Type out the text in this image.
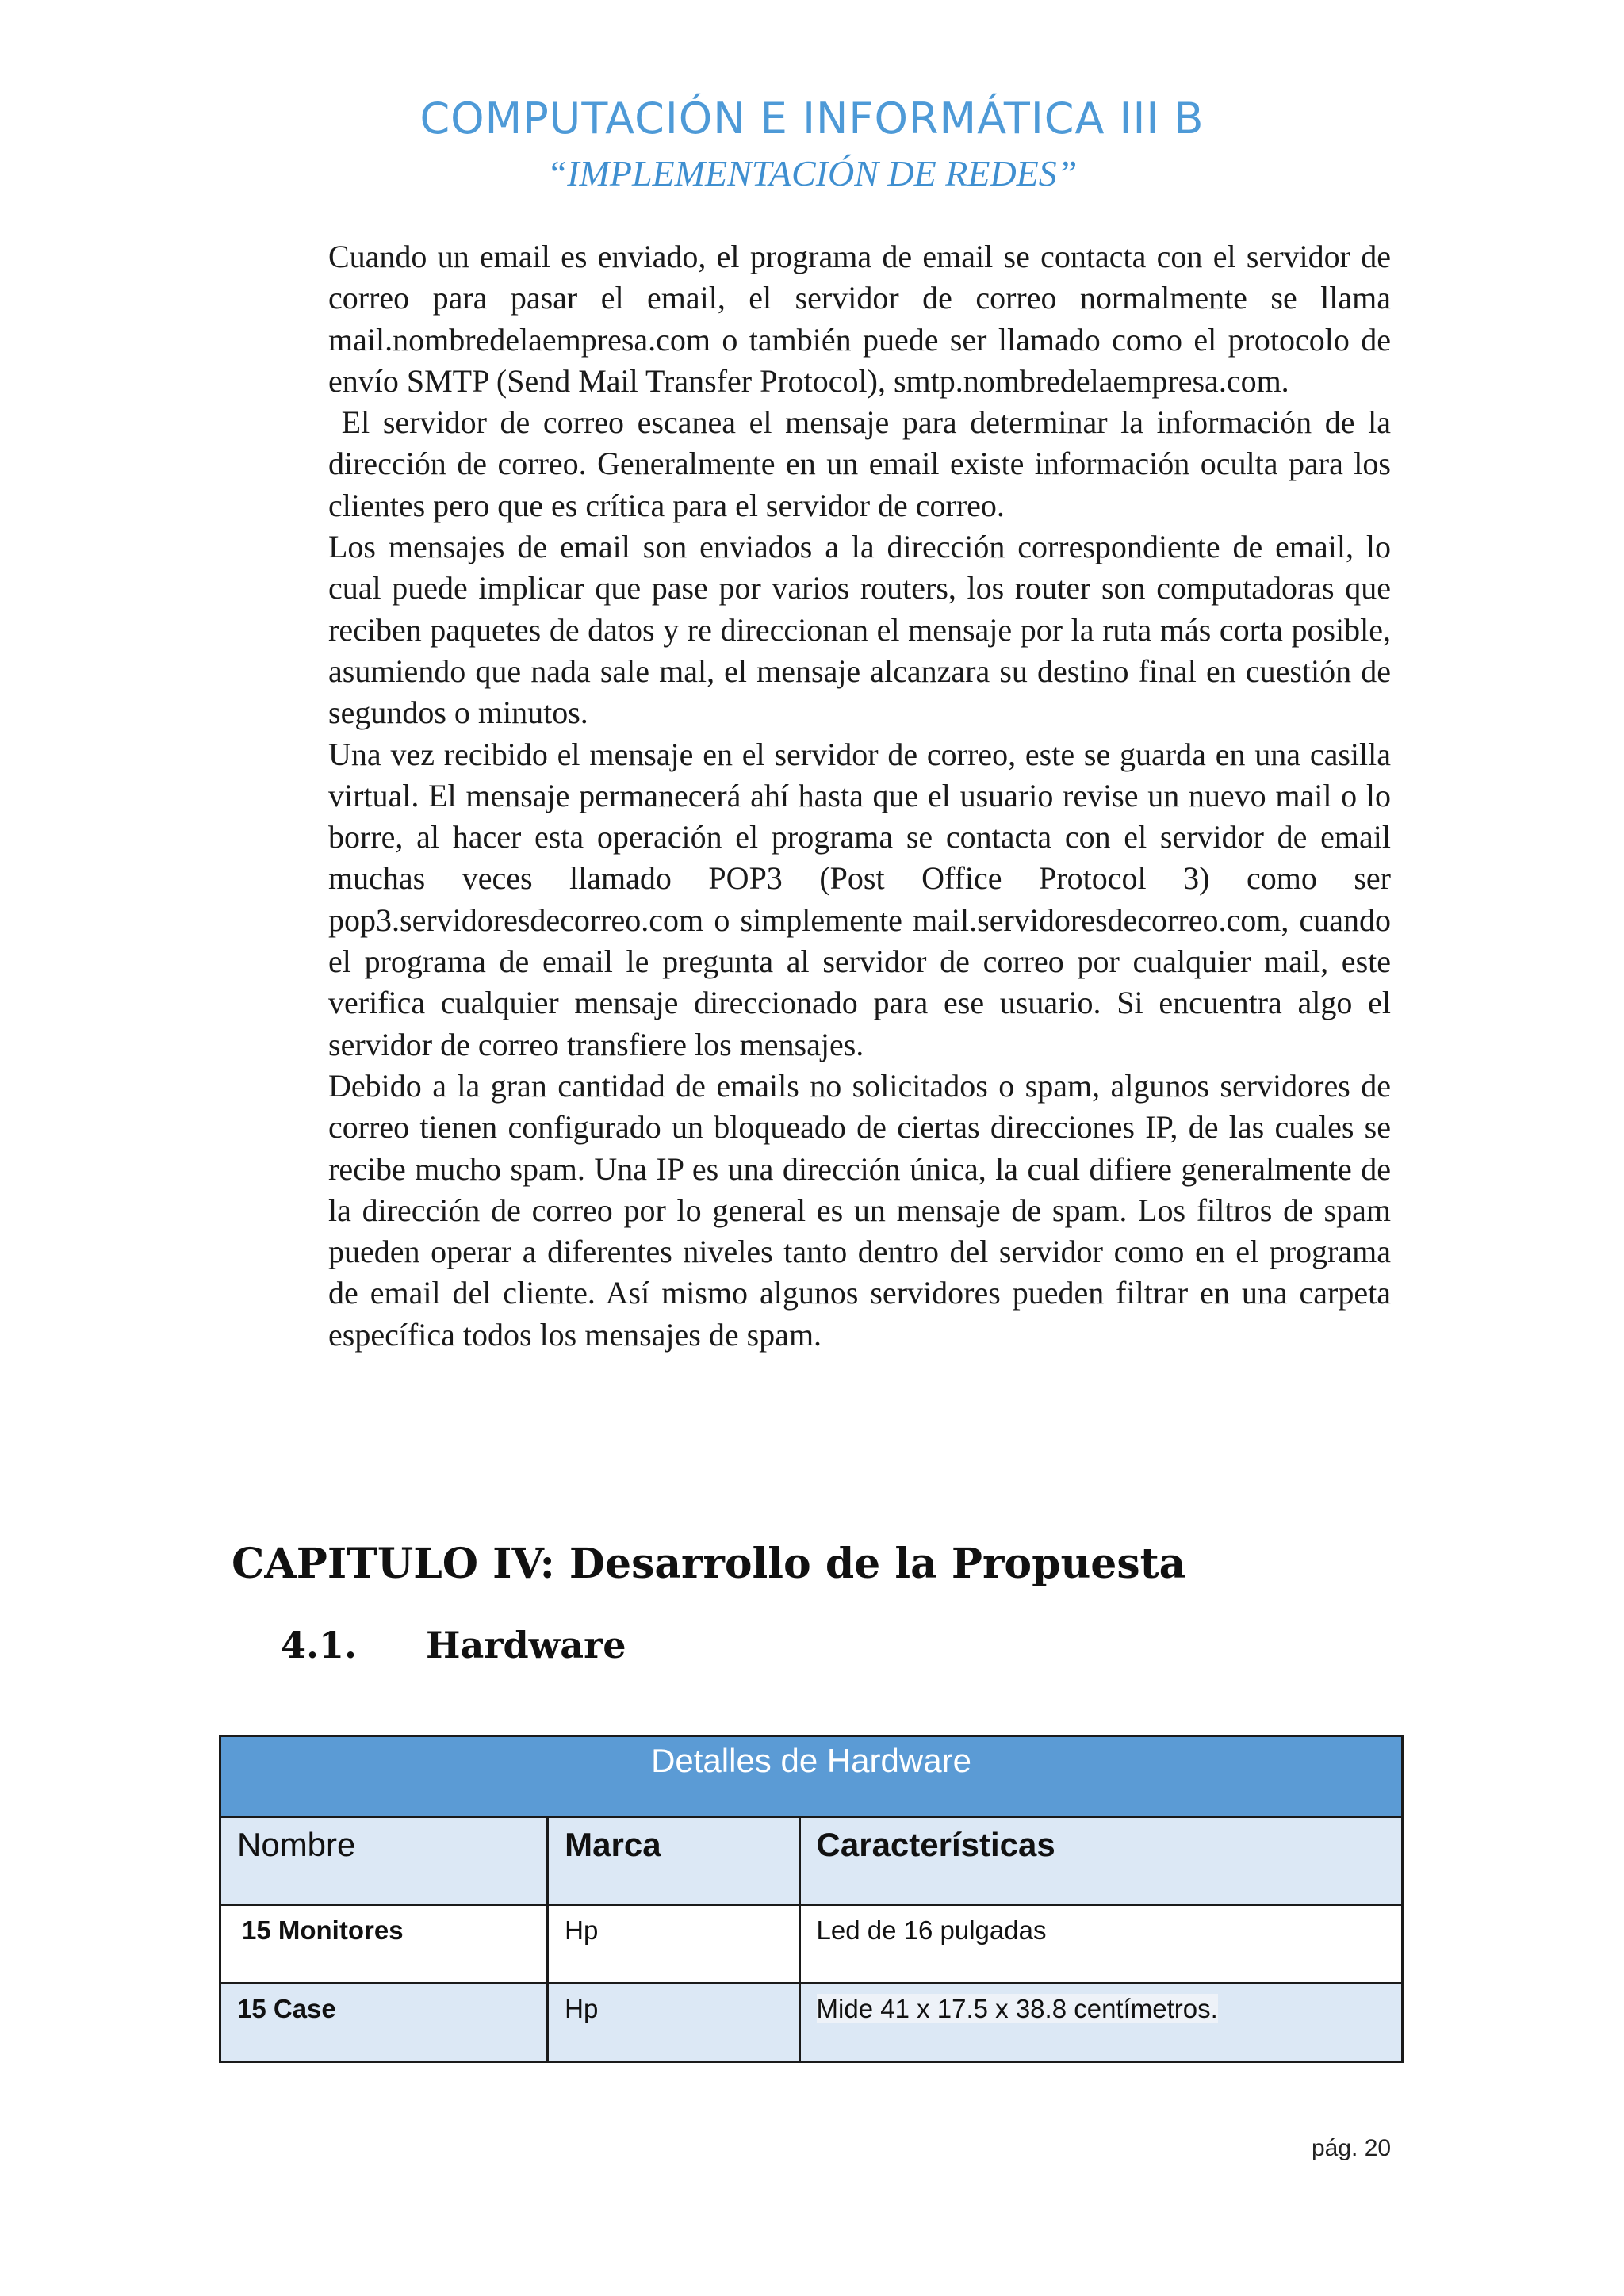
COMPUTACIÓN E INFORMÁTICA III B
“IMPLEMENTACIÓN DE REDES”

Cuando un email es enviado, el programa de email se contacta con el servidor de correo para pasar el email, el servidor de correo normalmente se llama mail.nombredelaempresa.com o también puede ser llamado como el protocolo de envío SMTP (Send Mail Transfer Protocol), smtp.nombredelaempresa.com.

El servidor de correo escanea el mensaje para determinar la información de la dirección de correo. Generalmente en un email existe información oculta para los clientes pero que es crítica para el servidor de correo.

Los mensajes de email son enviados a la dirección correspondiente de email, lo cual puede implicar que pase por varios routers, los router son computadoras que reciben paquetes de datos y re direccionan el mensaje por la ruta más corta posible, asumiendo que nada sale mal, el mensaje alcanzara su destino final en cuestión de segundos o minutos.

Una vez recibido el mensaje en el servidor de correo, este se guarda en una casilla virtual. El mensaje permanecerá ahí hasta que el usuario revise un nuevo mail o lo borre, al hacer esta operación el programa se contacta con el servidor de email muchas veces llamado POP3 (Post Office Protocol 3) como ser pop3.servidoresdecorreo.com o simplemente mail.servidoresdecorreo.com, cuando el programa de email le pregunta al servidor de correo por cualquier mail, este verifica cualquier mensaje direccionado para ese usuario. Si encuentra algo el servidor de correo transfiere los mensajes.

Debido a la gran cantidad de emails no solicitados o spam, algunos servidores de correo tienen configurado un bloqueado de ciertas direcciones IP, de las cuales se recibe mucho spam. Una IP es una dirección única, la cual difiere generalmente de la dirección de correo por lo general es un mensaje de spam. Los filtros de spam pueden operar a diferentes niveles tanto dentro del servidor como en el programa de email del cliente. Así mismo algunos servidores pueden filtrar en una carpeta específica todos los mensajes de spam.

CAPITULO IV: Desarrollo de la Propuesta
4.1. Hardware
Detalles de Hardware		

Nombre	Marca	Características
15 Monitores	Hp	Led de 16 pulgadas
15 Case	Hp	Mide 41 x 17.5 x 38.8 centímetros.
pág. 20
